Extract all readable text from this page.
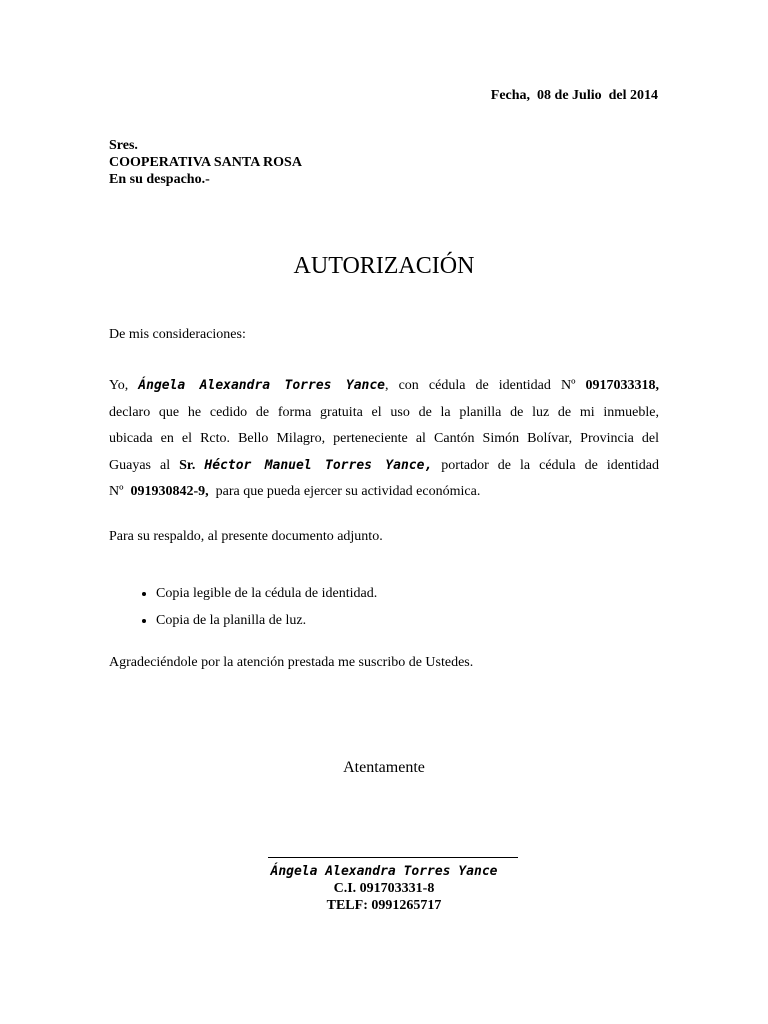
Fecha,  08 de Julio  del 2014
Sres.
COOPERATIVA SANTA ROSA
En su despacho.-
AUTORIZACIÓN
De mis consideraciones:
Yo, Ángela Alexandra Torres Yance, con cédula de identidad Nº 0917033318,
declaro que he cedido de forma gratuita el uso de la planilla de luz de mi inmueble,
ubicada en el Rcto. Bello Milagro, perteneciente al Cantón Simón Bolívar, Provincia del
Guayas al Sr. Héctor Manuel Torres Yance, portador de la cédula de identidad
Nº  091930842-9,  para que pueda ejercer su actividad económica.
Para su respaldo, al presente documento adjunto.
• Copia legible de la cédula de identidad.
• Copia de la planilla de luz.
Agradeciéndole por la atención prestada me suscribo de Ustedes.
Atentamente
Ángela Alexandra Torres Yance
C.I. 091703331-8
TELF: 0991265717
